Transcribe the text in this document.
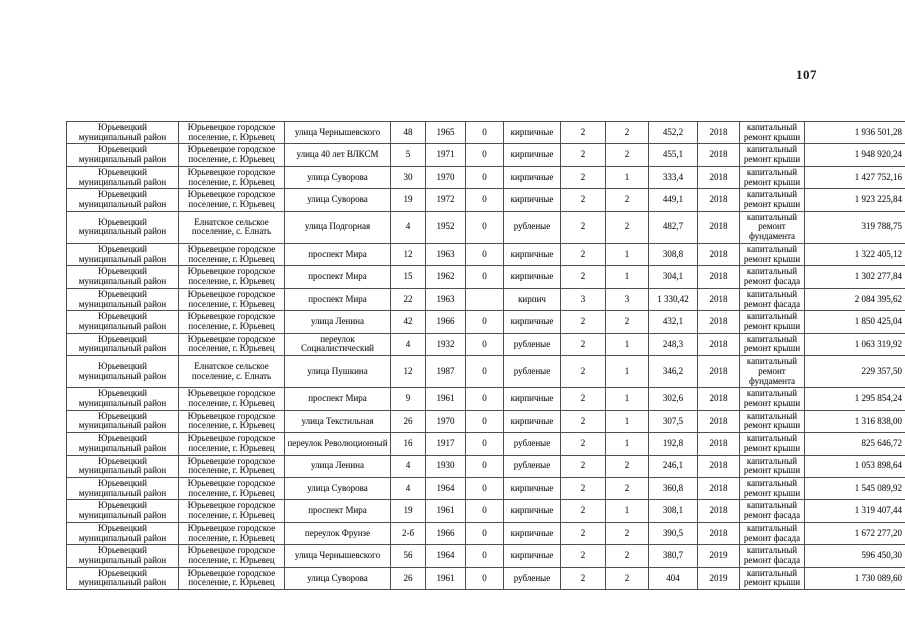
107
Юрьевецкий муниципальный район	Юрьевецкое городское поселение, г. Юрьевец	улица Чернышевского	48	1965	0	кирпичные	2	2	452,2	2018	капитальный ремонт крыши	1 936 501,28
Юрьевецкий муниципальный район	Юрьевецкое городское поселение, г. Юрьевец	улица 40 лет ВЛКСМ	5	1971	0	кирпичные	2	2	455,1	2018	капитальный ремонт крыши	1 948 920,24
Юрьевецкий муниципальный район	Юрьевецкое городское поселение, г. Юрьевец	улица Суворова	30	1970	0	кирпичные	2	1	333,4	2018	капитальный ремонт крыши	1 427 752,16
Юрьевецкий муниципальный район	Юрьевецкое городское поселение, г. Юрьевец	улица Суворова	19	1972	0	кирпичные	2	2	449,1	2018	капитальный ремонт крыши	1 923 225,84
Юрьевецкий муниципальный район	Елнатское сельское поселение, с. Елнать	улица Подгорная	4	1952	0	рубленые	2	2	482,7	2018	капитальный ремонт фундамента	319 788,75
Юрьевецкий муниципальный район	Юрьевецкое городское поселение, г. Юрьевец	проспект Мира	12	1963	0	кирпичные	2	1	308,8	2018	капитальный ремонт крыши	1 322 405,12
Юрьевецкий муниципальный район	Юрьевецкое городское поселение, г. Юрьевец	проспект Мира	15	1962	0	кирпичные	2	1	304,1	2018	капитальный ремонт фасада	1 302 277,84
Юрьевецкий муниципальный район	Юрьевецкое городское поселение, г. Юрьевец	проспект Мира	22	1963		кирпич	3	3	1 330,42	2018	капитальный ремонт фасада	2 084 395,62
Юрьевецкий муниципальный район	Юрьевецкое городское поселение, г. Юрьевец	улица Ленина	42	1966	0	кирпичные	2	2	432,1	2018	капитальный ремонт крыши	1 850 425,04
Юрьевецкий муниципальный район	Юрьевецкое городское поселение, г. Юрьевец	переулок Социалистический	4	1932	0	рубленые	2	1	248,3	2018	капитальный ремонт крыши	1 063 319,92
Юрьевецкий муниципальный район	Елнатское сельское поселение, с. Елнать	улица Пушкина	12	1987	0	рубленые	2	1	346,2	2018	капитальный ремонт фундамента	229 357,50
Юрьевецкий муниципальный район	Юрьевецкое городское поселение, г. Юрьевец	проспект Мира	9	1961	0	кирпичные	2	1	302,6	2018	капитальный ремонт крыши	1 295 854,24
Юрьевецкий муниципальный район	Юрьевецкое городское поселение, г. Юрьевец	улица Текстильная	26	1970	0	кирпичные	2	1	307,5	2018	капитальный ремонт крыши	1 316 838,00
Юрьевецкий муниципальный район	Юрьевецкое городское поселение, г. Юрьевец	переулок Революционный	16	1917	0	рубленые	2	1	192,8	2018	капитальный ремонт крыши	825 646,72
Юрьевецкий муниципальный район	Юрьевецкое городское поселение, г. Юрьевец	улица Ленина	4	1930	0	рубленые	2	2	246,1	2018	капитальный ремонт крыши	1 053 898,64
Юрьевецкий муниципальный район	Юрьевецкое городское поселение, г. Юрьевец	улица Суворова	4	1964	0	кирпичные	2	2	360,8	2018	капитальный ремонт крыши	1 545 089,92
Юрьевецкий муниципальный район	Юрьевецкое городское поселение, г. Юрьевец	проспект Мира	19	1961	0	кирпичные	2	1	308,1	2018	капитальный ремонт фасада	1 319 407,44
Юрьевецкий муниципальный район	Юрьевецкое городское поселение, г. Юрьевец	переулок Фрунзе	2-б	1966	0	кирпичные	2	2	390,5	2018	капитальный ремонт фасада	1 672 277,20
Юрьевецкий муниципальный район	Юрьевецкое городское поселение, г. Юрьевец	улица Чернышевского	56	1964	0	кирпичные	2	2	380,7	2019	капитальный ремонт фасада	596 450,30
Юрьевецкий муниципальный район	Юрьевецкое городское поселение, г. Юрьевец	улица Суворова	26	1961	0	рубленые	2	2	404	2019	капитальный ремонт крыши	1 730 089,60
